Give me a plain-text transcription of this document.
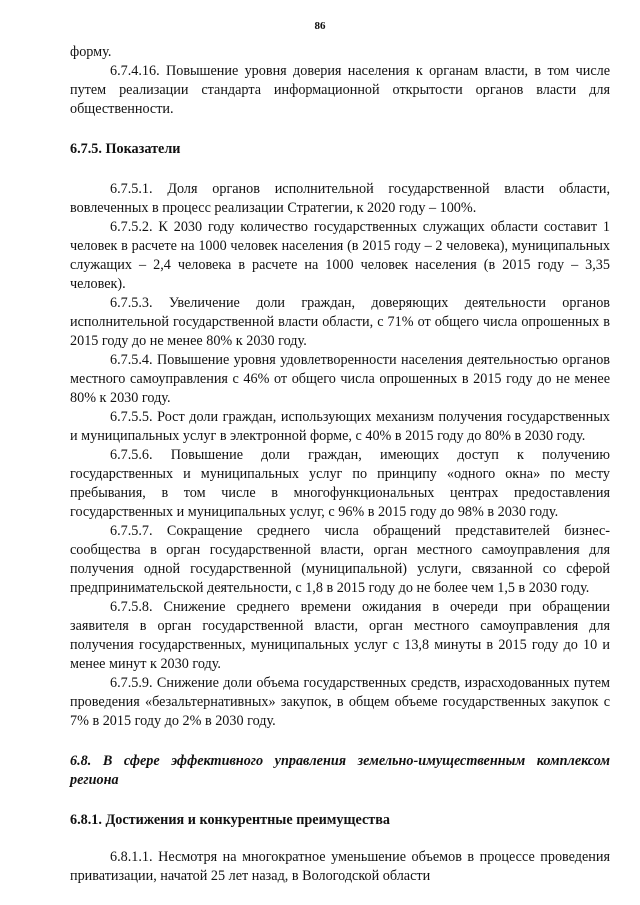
86

форму.

6.7.4.16. Повышение уровня доверия населения к органам власти, в том числе путем реализации стандарта информационной открытости органов власти для общественности.

6.7.5. Показатели

6.7.5.1. Доля органов исполнительной государственной власти области, вовлеченных в процесс реализации Стратегии, к 2020 году – 100%.

6.7.5.2. К 2030 году количество государственных служащих области составит 1 человек в расчете на 1000 человек населения (в 2015 году – 2 человека), муниципальных служащих – 2,4 человека в расчете на 1000 человек населения (в 2015 году – 3,35 человек).

6.7.5.3. Увеличение доли граждан, доверяющих деятельности органов исполнительной государственной власти области, с 71% от общего числа опрошенных в 2015 году до не менее 80% к 2030 году.

6.7.5.4. Повышение уровня удовлетворенности населения деятельностью органов местного самоуправления с 46% от общего числа опрошенных в 2015 году до не менее 80% к 2030 году.

6.7.5.5. Рост доли граждан, использующих механизм получения государственных и муниципальных услуг в электронной форме, с 40% в 2015 году до 80% в 2030 году.

6.7.5.6. Повышение доли граждан, имеющих доступ к получению государственных и муниципальных услуг по принципу «одного окна» по месту пребывания, в том числе в многофункциональных центрах предоставления государственных и муниципальных услуг, с 96% в 2015 году до 98% в 2030 году.

6.7.5.7. Сокращение среднего числа обращений представителей бизнес-сообщества в орган государственной власти, орган местного самоуправления для получения одной государственной (муниципальной) услуги, связанной со сферой предпринимательской деятельности, с 1,8 в 2015 году до не более чем 1,5 в 2030 году.

6.7.5.8. Снижение среднего времени ожидания в очереди при обращении заявителя в орган государственной власти, орган местного самоуправления для получения государственных, муниципальных услуг с 13,8 минуты в 2015 году до 10 и менее минут к 2030 году.

6.7.5.9. Снижение доли объема государственных средств, израсходованных путем проведения «безальтернативных» закупок, в общем объеме государственных закупок с 7% в 2015 году до 2% в 2030 году.

6.8. В сфере эффективного управления земельно-имущественным комплексом региона

6.8.1. Достижения и конкурентные преимущества

6.8.1.1. Несмотря на многократное уменьшение объемов в процессе проведения приватизации, начатой 25 лет назад, в Вологодской области
